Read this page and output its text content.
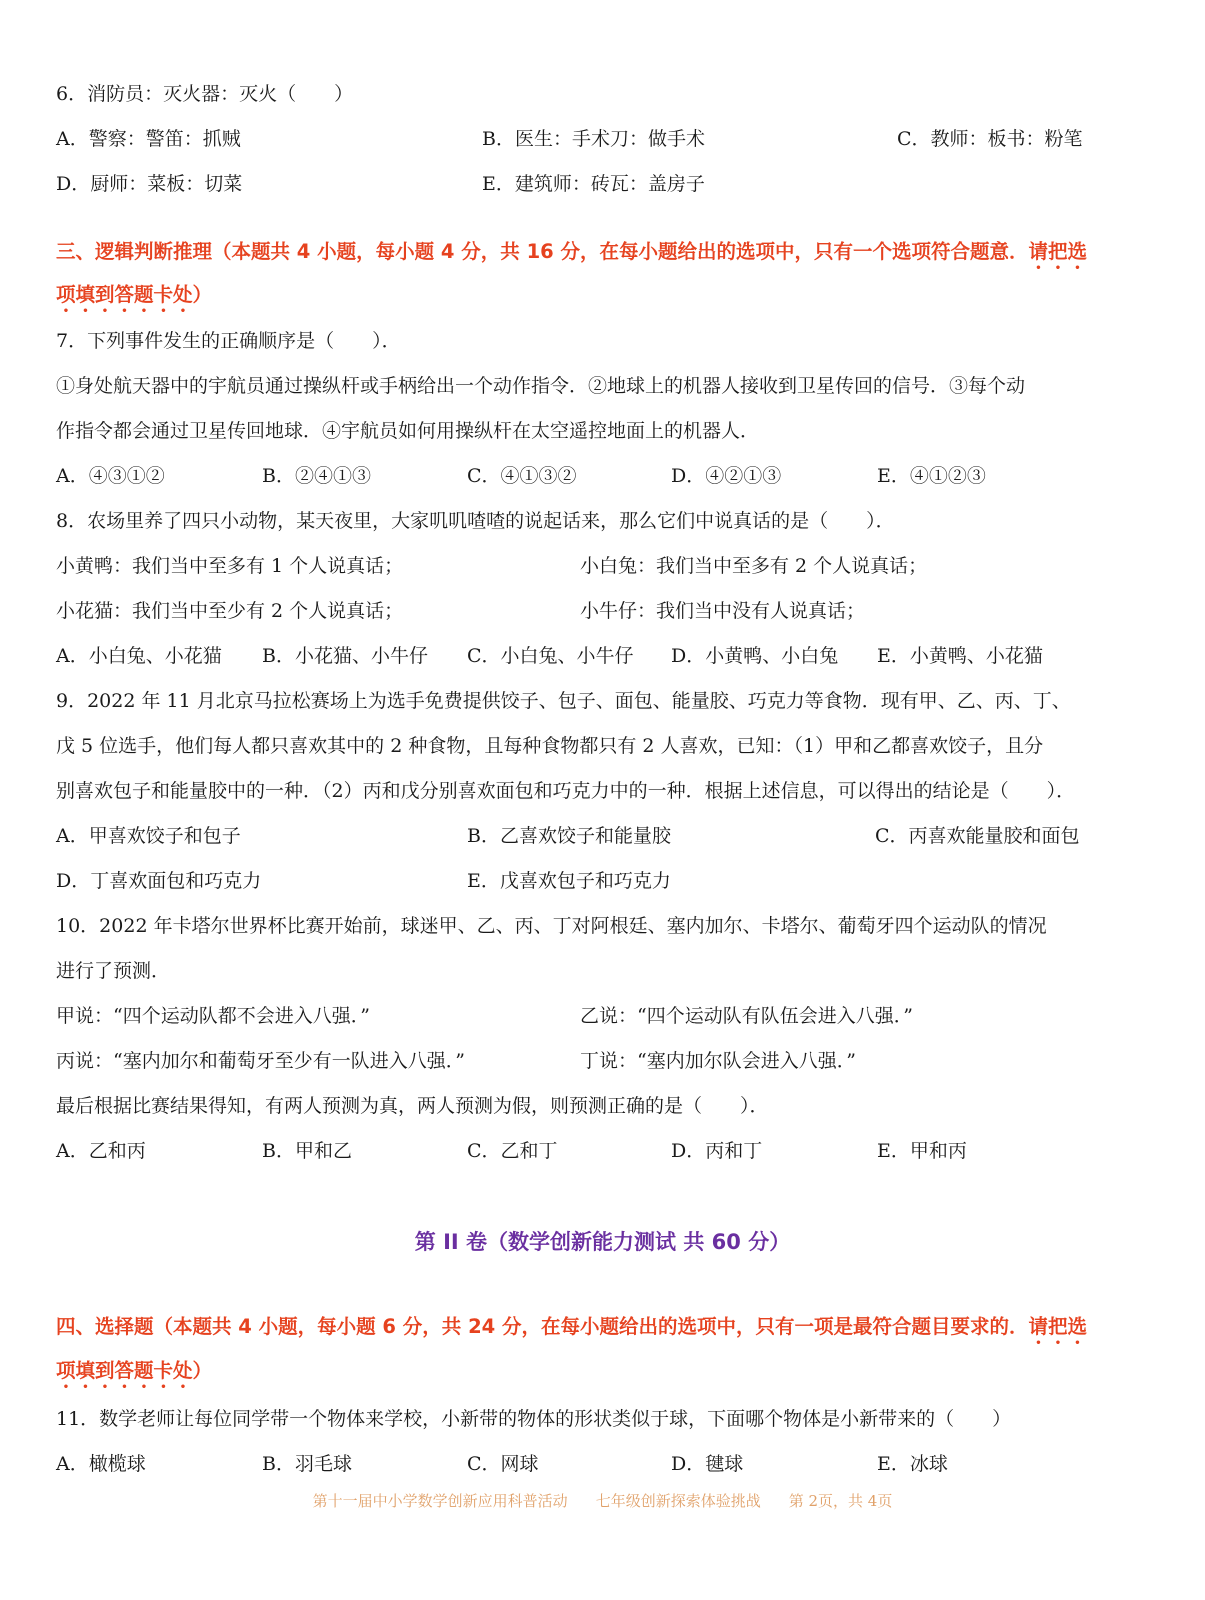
6．消防员：灭火器：灭火（　　）
A．警察：警笛：抓贼	B．医生：手术刀：做手术	C．教师：板书：粉笔
D．厨师：菜板：切菜	E．建筑师：砖瓦：盖房子
三、逻辑判断推理（本题共 4 小题，每小题 4 分，共 16 分，在每小题给出的选项中，只有一个选项符合题意．请把选
项填到答题卡处）
7．下列事件发生的正确顺序是（　　）．
①身处航天器中的宇航员通过操纵杆或手柄给出一个动作指令．②地球上的机器人接收到卫星传回的信号．③每个动
作指令都会通过卫星传回地球．④宇航员如何用操纵杆在太空遥控地面上的机器人．
A．④③①②	B．②④①③	C．④①③②	D．④②①③	E．④①②③
8．农场里养了四只小动物，某天夜里，大家叽叽喳喳的说起话来，那么它们中说真话的是（　　）．
小黄鸭：我们当中至多有 1 个人说真话；	小白兔：我们当中至多有 2 个人说真话；
小花猫：我们当中至少有 2 个人说真话；	小牛仔：我们当中没有人说真话；
A．小白兔、小花猫 B．小花猫、小牛仔 C．小白兔、小牛仔 D．小黄鸭、小白兔 E．小黄鸭、小花猫
9．2022 年 11 月北京马拉松赛场上为选手免费提供饺子、包子、面包、能量胶、巧克力等食物．现有甲、乙、丙、丁、
戊 5 位选手，他们每人都只喜欢其中的 2 种食物，且每种食物都只有 2 人喜欢，已知：（1）甲和乙都喜欢饺子，且分
别喜欢包子和能量胶中的一种．（2）丙和戊分别喜欢面包和巧克力中的一种．根据上述信息，可以得出的结论是（　　）．
A．甲喜欢饺子和包子	B．乙喜欢饺子和能量胶	C．丙喜欢能量胶和面包
D．丁喜欢面包和巧克力	E．戊喜欢包子和巧克力
10．2022 年卡塔尔世界杯比赛开始前，球迷甲、乙、丙、丁对阿根廷、塞内加尔、卡塔尔、葡萄牙四个运动队的情况
进行了预测．
甲说：“四个运动队都不会进入八强．”	乙说：“四个运动队有队伍会进入八强．”
丙说：“塞内加尔和葡萄牙至少有一队进入八强．”	丁说：“塞内加尔队会进入八强．”
最后根据比赛结果得知，有两人预测为真，两人预测为假，则预测正确的是（　　）．
A．乙和丙	B．甲和乙	C．乙和丁	D．丙和丁	E．甲和丙
第 II 卷（数学创新能力测试 共 60 分）
四、选择题（本题共 4 小题，每小题 6 分，共 24 分，在每小题给出的选项中，只有一项是最符合题目要求的．请把选
项填到答题卡处）
11．数学老师让每位同学带一个物体来学校，小新带的物体的形状类似于球，下面哪个物体是小新带来的（　　）
A．橄榄球	B．羽毛球	C．网球	D．毽球	E．冰球
第十一届中小学数学创新应用科普活动 七年级创新探索体验挑战 第 2页，共 4页
